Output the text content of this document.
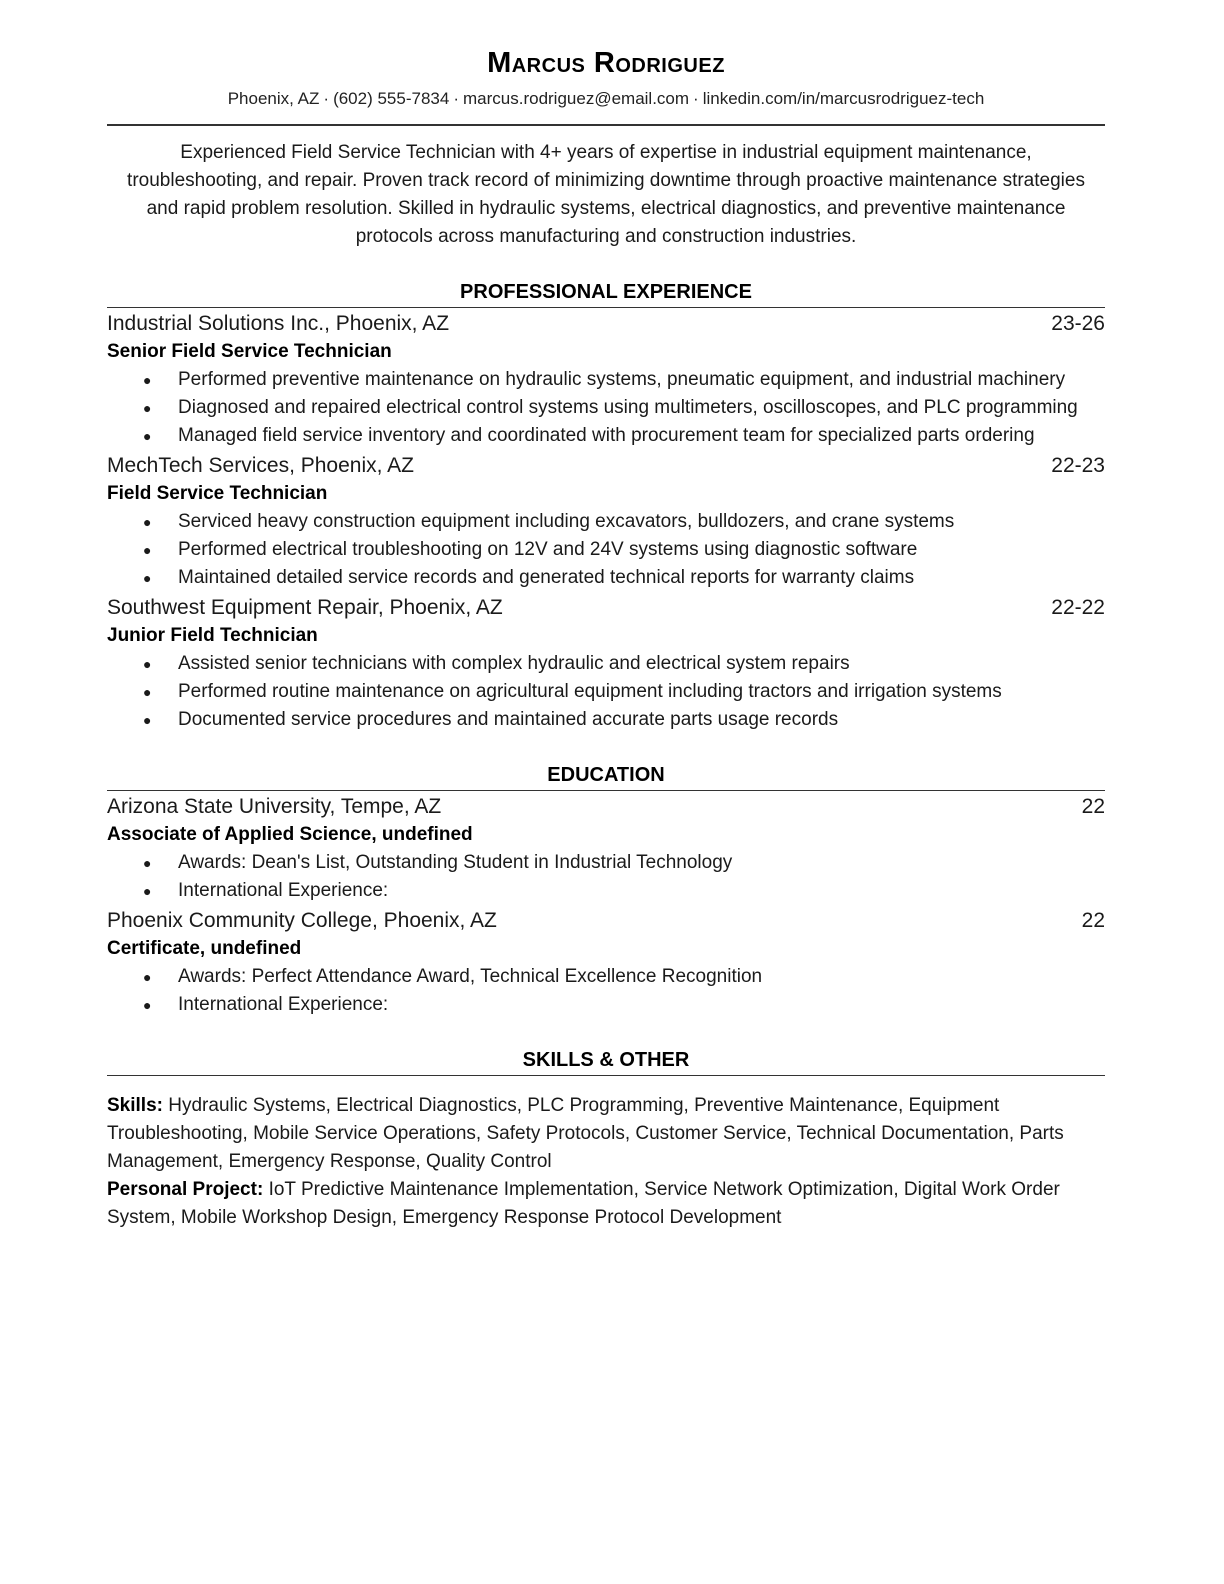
Marcus Rodriguez
Phoenix, AZ · (602) 555-7834 · marcus.rodriguez@email.com · linkedin.com/in/marcusrodriguez-tech
Experienced Field Service Technician with 4+ years of expertise in industrial equipment maintenance, troubleshooting, and repair. Proven track record of minimizing downtime through proactive maintenance strategies and rapid problem resolution. Skilled in hydraulic systems, electrical diagnostics, and preventive maintenance protocols across manufacturing and construction industries.
PROFESSIONAL EXPERIENCE
Industrial Solutions Inc., Phoenix, AZ	23-26
Senior Field Service Technician
● Performed preventive maintenance on hydraulic systems, pneumatic equipment, and industrial machinery
● Diagnosed and repaired electrical control systems using multimeters, oscilloscopes, and PLC programming
● Managed field service inventory and coordinated with procurement team for specialized parts ordering
MechTech Services, Phoenix, AZ	22-23
Field Service Technician
● Serviced heavy construction equipment including excavators, bulldozers, and crane systems
● Performed electrical troubleshooting on 12V and 24V systems using diagnostic software
● Maintained detailed service records and generated technical reports for warranty claims
Southwest Equipment Repair, Phoenix, AZ	22-22
Junior Field Technician
● Assisted senior technicians with complex hydraulic and electrical system repairs
● Performed routine maintenance on agricultural equipment including tractors and irrigation systems
● Documented service procedures and maintained accurate parts usage records
EDUCATION
Arizona State University, Tempe, AZ	22
Associate of Applied Science, undefined
● Awards: Dean's List, Outstanding Student in Industrial Technology
● International Experience:
Phoenix Community College, Phoenix, AZ	22
Certificate, undefined
● Awards: Perfect Attendance Award, Technical Excellence Recognition
● International Experience:
SKILLS & OTHER
Skills: Hydraulic Systems, Electrical Diagnostics, PLC Programming, Preventive Maintenance, Equipment Troubleshooting, Mobile Service Operations, Safety Protocols, Customer Service, Technical Documentation, Parts Management, Emergency Response, Quality Control
Personal Project: IoT Predictive Maintenance Implementation, Service Network Optimization, Digital Work Order System, Mobile Workshop Design, Emergency Response Protocol Development
